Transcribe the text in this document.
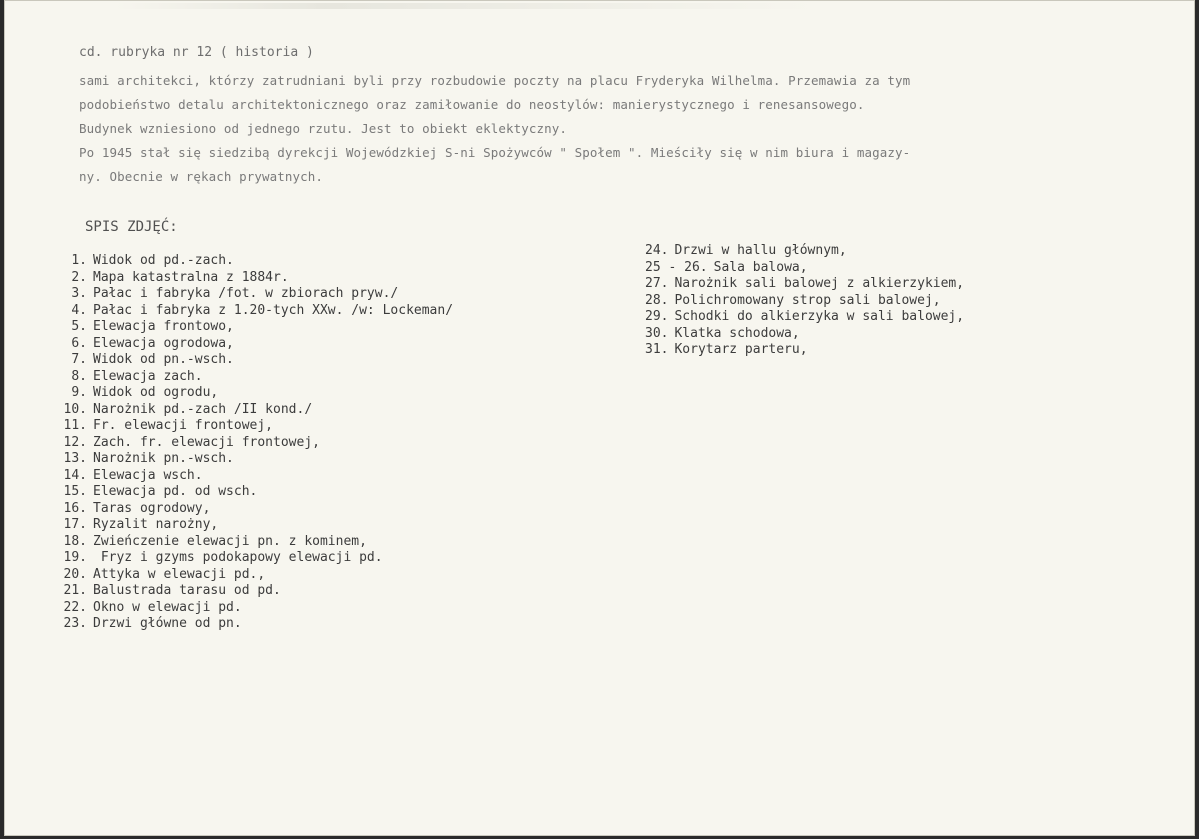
cd. rubryka nr 12 ( historia )
sami architekci, którzy zatrudniani byli przy rozbudowie poczty na placu Fryderyka Wilhelma. Przemawia za tym
podobieństwo detalu architektonicznego oraz zamiłowanie do neostylów: manierystycznego i renesansowego.
Budynek wzniesiono od jednego rzutu. Jest to obiekt eklektyczny.
Po 1945 stał się siedzibą dyrekcji Wojewódzkiej S-ni Spożywców " Społem ". Mieściły się w nim biura i magazy-
ny. Obecnie w rękach prywatnych.
SPIS ZDJĘĆ:
1. Widok od pd.-zach.
2. Mapa katastralna z 1884r.
3. Pałac i fabryka /fot. w zbiorach pryw./
4. Pałac i fabryka z 1.20-tych XXw. /w: Lockeman/
5. Elewacja frontowo,
6. Elewacja ogrodowa,
7. Widok od pn.-wsch.
8. Elewacja zach.
9. Widok od ogrodu,
10. Narożnik pd.-zach /II kond./
11. Fr. elewacji frontowej,
12. Zach. fr. elewacji frontowej,
13. Narożnik pn.-wsch.
14. Elewacja wsch.
15. Elewacja pd. od wsch.
16. Taras ogrodowy,
17. Ryzalit narożny,
18. Zwieńczenie elewacji pn. z kominem,
19. Fryz i gzyms podokapowy elewacji pd.
20. Attyka w elewacji pd.,
21. Balustrada tarasu od pd.
22. Okno w elewacji pd.
23. Drzwi główne od pn.
24. Drzwi w hallu głównym,
25 - 26. Sala balowa,
27. Narożnik sali balowej z alkierzykiem,
28. Polichromowany strop sali balowej,
29. Schodki do alkierzyka w sali balowej,
30. Klatka schodowa,
31. Korytarz parteru,
